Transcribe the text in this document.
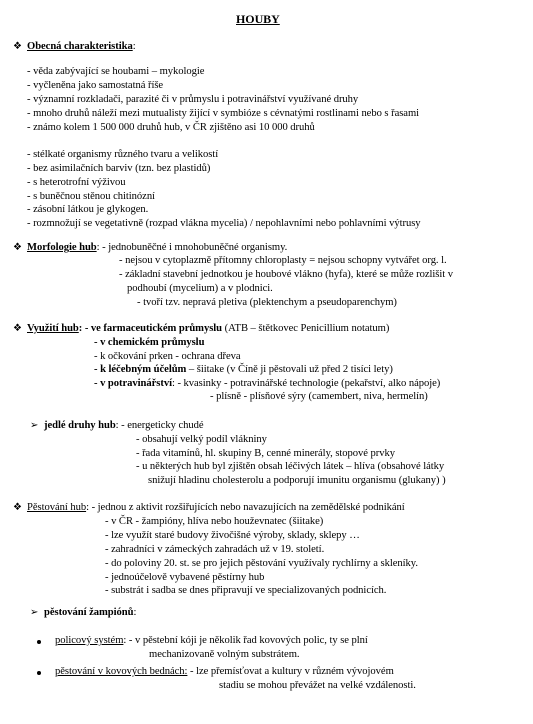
HOUBY
❖ Obecná charakteristika:
- věda zabývající se houbami – mykologie
- vyčleněna jako samostatná říše
- významní rozkladači, parazité či v průmyslu i potravinářství využívané druhy
- mnoho druhů náleží mezi mutualisty žijící v symbióze s cévnatými rostlinami nebo s řasami
- známo kolem 1 500 000 druhů hub, v ČR zjištěno asi 10 000 druhů
- stélkaté organismy různého tvaru a velikostí
- bez asimilačních barviv (tzn. bez plastidů)
- s heterotrofní výživou
- s buněčnou stěnou chitinózní
- zásobní látkou je glykogen.
- rozmnožují se vegetativně (rozpad vlákna mycelia) / nepohlavními nebo pohlavními výtrusy
❖ Morfologie hub: - jednobuněčné i mnohobuněčné organismy.
- nejsou v cytoplazmě přítomny chloroplasty = nejsou schopny vytvářet org. l.
- základní stavební jednotkou je houbové vlákno (hyfa), které se může rozlišit v
podhoubí (mycelium) a v plodnici.
- tvoří tzv. nepravá pletiva (plektenchym a pseudoparenchym)
❖ Využití hub: - ve farmaceutickém průmyslu (ATB – štětkovec Penicillium notatum)
- v chemickém průmyslu
- k očkování prken - ochrana dřeva
- k léčebným účelům – šiitake (v Číně ji pěstovali už před 2 tisíci lety)
- v potravinářství: - kvasinky - potravinářské technologie (pekařství, alko nápoje)
- plísně - plísňové sýry (camembert, niva, hermelín)
➢ jedlé druhy hub: - energeticky chudé
- obsahují velký podíl vlákniny
- řada vitamínů, hl. skupiny B, cenné minerály, stopové prvky
- u některých hub byl zjištěn obsah léčivých látek – hlíva (obsahové látky
snižují hladinu cholesterolu a podporují imunitu organismu (glukany) )
❖ Pěstování hub: - jednou z aktivit rozšiřujících nebo navazujících na zemědělské podnikání
- v ČR - žampióny, hlíva nebo houževnatec (šiitake)
- lze využít staré budovy živočišné výroby, sklady, sklepy …
- zahradníci v zámeckých zahradách už v 19. století.
- do poloviny 20. st. se pro jejich pěstování využívaly rychlírny a skleníky.
- jednoúčelově vybavené pěstírny hub
- substrát i sadba se dnes připravují ve specializovaných podnicích.
➢ pěstování žampiónů:
policový systém: - v pěstební kóji je několik řad kovových polic, ty se plní
mechanizovaně volným substrátem.
pěstování v kovových bednách: - lze přemísťovat a kultury v různém vývojovém
stadiu se mohou převážet na velké vzdálenosti.
